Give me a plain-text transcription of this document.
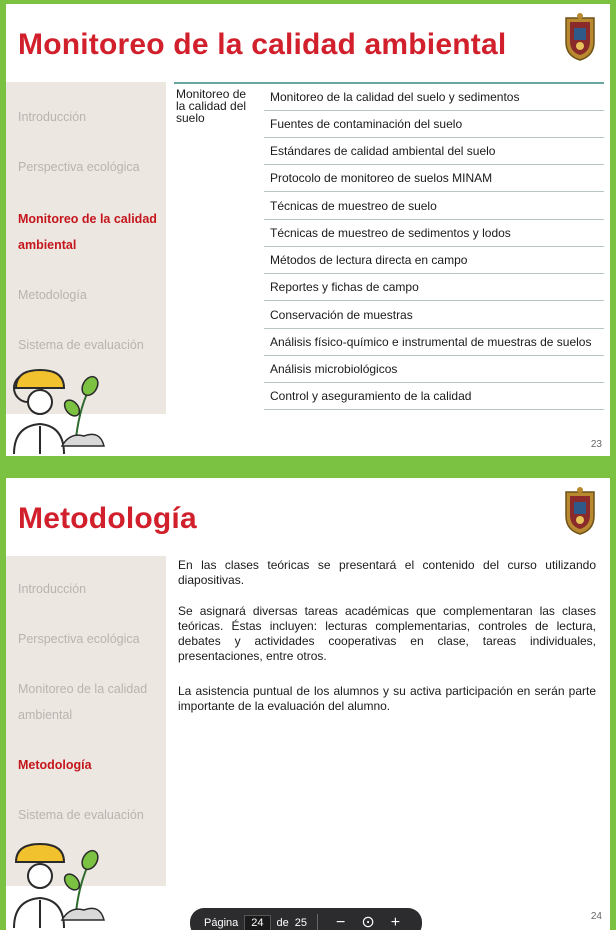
Monitoreo de la calidad ambiental
Introducción
Perspectiva ecológica
Monitoreo de la calidad ambiental
Metodología
Sistema de evaluación
Monitoreo de la calidad del suelo
Monitoreo de la calidad del suelo y sedimentos
Fuentes de contaminación del suelo
Estándares de calidad ambiental del suelo
Protocolo de monitoreo de suelos MINAM
Técnicas de muestreo de suelo
Técnicas de muestreo de sedimentos y lodos
Métodos de lectura directa en campo
Reportes y fichas de campo
Conservación de muestras
Análisis físico-químico e instrumental de muestras de suelos
Análisis microbiológicos
Control y aseguramiento de la calidad
23
Metodología
Introducción
Perspectiva ecológica
Monitoreo de la calidad ambiental
Metodología
Sistema de evaluación
En las clases teóricas se presentará el contenido del curso utilizando diapositivas.
Se asignará diversas tareas académicas que complementaran las clases teóricas. Éstas incluyen: lecturas complementarias, controles de lectura, debates y actividades cooperativas en clase, tareas individuales, presentaciones, entre otros.
La asistencia puntual de los alumnos y su activa participación en serán parte importante de la evaluación del alumno.
24
Página	24	de 25 − ⊙ +
